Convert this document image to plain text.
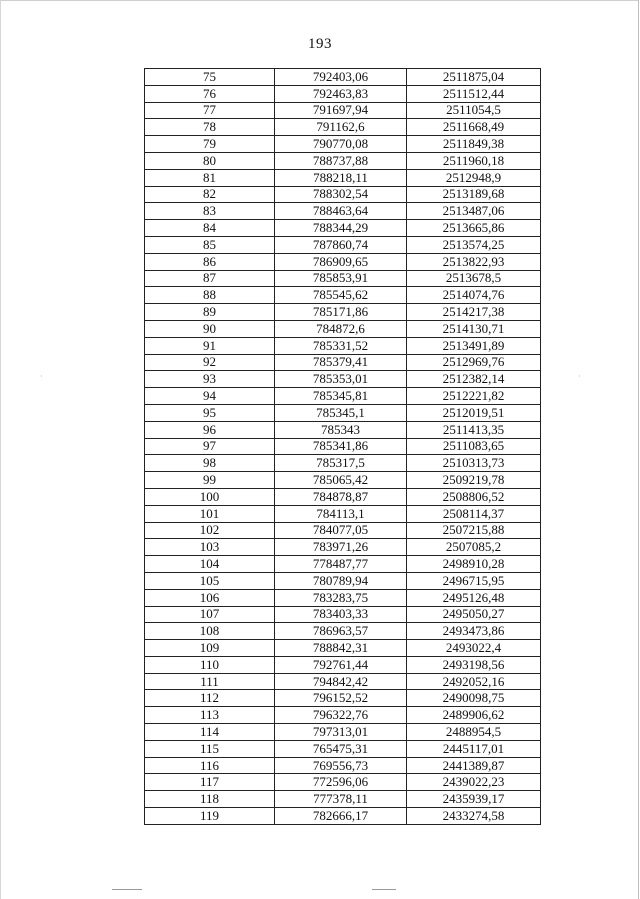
193
75	792403,06	2511875,04
76	792463,83	2511512,44
77	791697,94	2511054,5
78	791162,6	2511668,49
79	790770,08	2511849,38
80	788737,88	2511960,18
81	788218,11	2512948,9
82	788302,54	2513189,68
83	788463,64	2513487,06
84	788344,29	2513665,86
85	787860,74	2513574,25
86	786909,65	2513822,93
87	785853,91	2513678,5
88	785545,62	2514074,76
89	785171,86	2514217,38
90	784872,6	2514130,71
91	785331,52	2513491,89
92	785379,41	2512969,76
93	785353,01	2512382,14
94	785345,81	2512221,82
95	785345,1	2512019,51
96	785343	2511413,35
97	785341,86	2511083,65
98	785317,5	2510313,73
99	785065,42	2509219,78
100	784878,87	2508806,52
101	784113,1	2508114,37
102	784077,05	2507215,88
103	783971,26	2507085,2
104	778487,77	2498910,28
105	780789,94	2496715,95
106	783283,75	2495126,48
107	783403,33	2495050,27
108	786963,57	2493473,86
109	788842,31	2493022,4
110	792761,44	2493198,56
111	794842,42	2492052,16
112	796152,52	2490098,75
113	796322,76	2489906,62
114	797313,01	2488954,5
115	765475,31	2445117,01
116	769556,73	2441389,87
117	772596,06	2439022,23
118	777378,11	2435939,17
119	782666,17	2433274,58
·	·
